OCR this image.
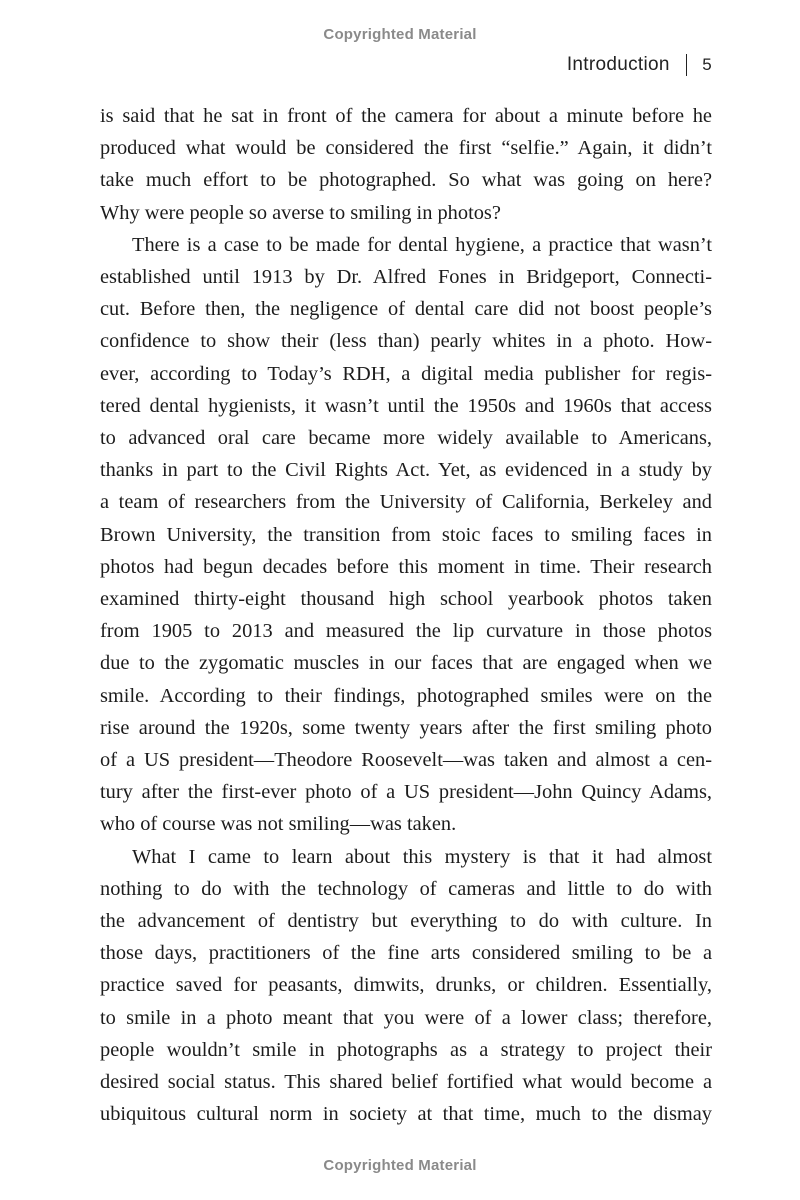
Copyrighted Material
Introduction 5

is said that he sat in front of the camera for about a minute before he
produced what would be considered the first “selfie.” Again, it didn’t
take much effort to be photographed. So what was going on here?
Why were people so averse to smiling in photos?

There is a case to be made for dental hygiene, a practice that wasn’t
established until 1913 by Dr. Alfred Fones in Bridgeport, Connecti-
cut. Before then, the negligence of dental care did not boost people’s
confidence to show their (less than) pearly whites in a photo. How-
ever, according to Today’s RDH, a digital media publisher for regis-
tered dental hygienists, it wasn’t until the 1950s and 1960s that access
to advanced oral care became more widely available to Americans,
thanks in part to the Civil Rights Act. Yet, as evidenced in a study by
a team of researchers from the University of California, Berkeley and
Brown University, the transition from stoic faces to smiling faces in
photos had begun decades before this moment in time. Their research
examined thirty-eight thousand high school yearbook photos taken
from 1905 to 2013 and measured the lip curvature in those photos
due to the zygomatic muscles in our faces that are engaged when we
smile. According to their findings, photographed smiles were on the
rise around the 1920s, some twenty years after the first smiling photo
of a US president—Theodore Roosevelt—was taken and almost a cen-
tury after the first-ever photo of a US president—John Quincy Adams,
who of course was not smiling—was taken.

What I came to learn about this mystery is that it had almost
nothing to do with the technology of cameras and little to do with
the advancement of dentistry but everything to do with culture. In
those days, practitioners of the fine arts considered smiling to be a
practice saved for peasants, dimwits, drunks, or children. Essentially,
to smile in a photo meant that you were of a lower class; therefore,
people wouldn’t smile in photographs as a strategy to project their
desired social status. This shared belief fortified what would become a
ubiquitous cultural norm in society at that time, much to the dismay

Copyrighted Material
